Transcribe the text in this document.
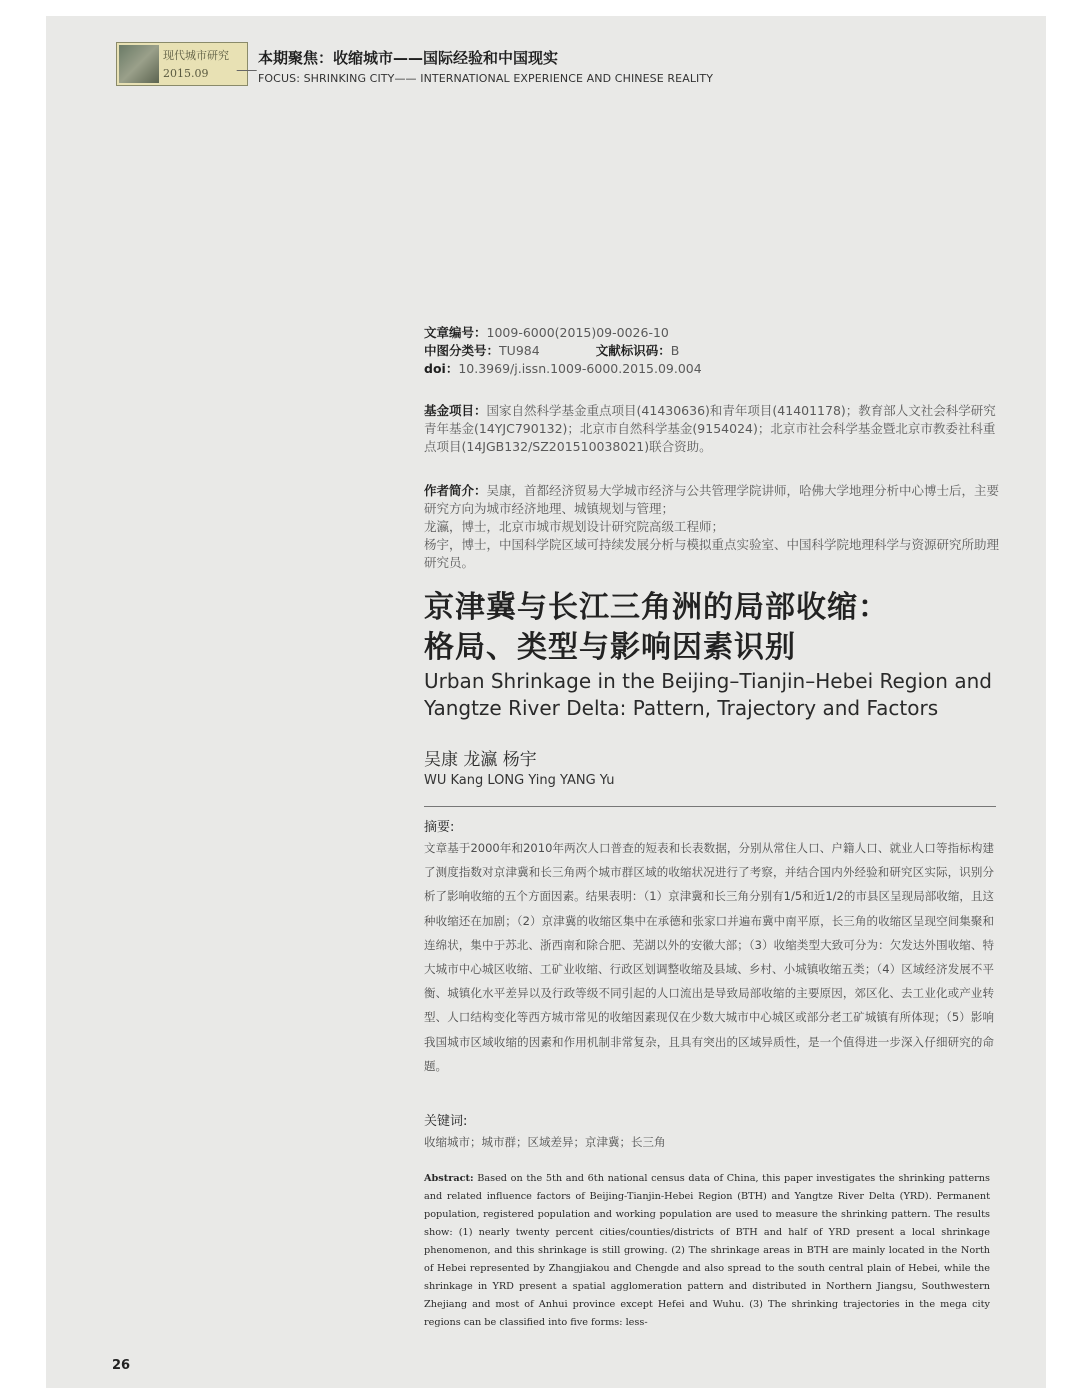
现代城市研究
2015.09
本期聚焦：收缩城市——国际经验和中国现实
FOCUS: SHRINKING CITY—— INTERNATIONAL EXPERIENCE AND CHINESE REALITY

文章编号：1009-6000(2015)09-0026-10

中图分类号：TU984	文献标识码：B

doi：10.3969/j.issn.1009-6000.2015.09.004

基金项目：国家自然科学基金重点项目(41430636)和青年项目(41401178)；教育部人文社会科学研究青年基金(14YJC790132)；北京市自然科学基金(9154024)；北京市社会科学基金暨北京市教委社科重点项目(14JGB132/SZ201510038021)联合资助。

作者简介：吴康，首都经济贸易大学城市经济与公共管理学院讲师，哈佛大学地理分析中心博士后，主要研究方向为城市经济地理、城镇规划与管理；

龙瀛，博士，北京市城市规划设计研究院高级工程师；

杨宇，博士，中国科学院区域可持续发展分析与模拟重点实验室、中国科学院地理科学与资源研究所助理研究员。

京津冀与长江三角洲的局部收缩：
格局、类型与影响因素识别
Urban Shrinkage in the Beijing–Tianjin–Hebei Region and
Yangtze River Delta: Pattern, Trajectory and Factors
吴康 龙瀛 杨宇
WU Kang LONG Ying YANG Yu
摘要:

文章基于2000年和2010年两次人口普查的短表和长表数据，分别从常住人口、户籍人口、就业人口等指标构建了测度指数对京津冀和长三角两个城市群区域的收缩状况进行了考察，并结合国内外经验和研究区实际，识别分析了影响收缩的五个方面因素。结果表明：（1）京津冀和长三角分别有1/5和近1/2的市县区呈现局部收缩，且这种收缩还在加剧；（2）京津冀的收缩区集中在承德和张家口并遍布冀中南平原，长三角的收缩区呈现空间集聚和连绵状，集中于苏北、浙西南和除合肥、芜湖以外的安徽大部；（3）收缩类型大致可分为：欠发达外围收缩、特大城市中心城区收缩、工矿业收缩、行政区划调整收缩及县域、乡村、小城镇收缩五类；（4）区域经济发展不平衡、城镇化水平差异以及行政等级不同引起的人口流出是导致局部收缩的主要原因，郊区化、去工业化或产业转型、人口结构变化等西方城市常见的收缩因素现仅在少数大城市中心城区或部分老工矿城镇有所体现；（5）影响我国城市区域收缩的因素和作用机制非常复杂，且具有突出的区域异质性，是一个值得进一步深入仔细研究的命题。

关键词:
收缩城市；城市群；区域差异；京津冀；长三角

Abstract: Based on the 5th and 6th national census data of China, this paper investigates the shrinking patterns and related influence factors of Beijing-Tianjin-Hebei Region (BTH) and Yangtze River Delta (YRD). Permanent population, registered population and working population are used to measure the shrinking pattern. The results show: (1) nearly twenty percent cities/counties/districts of BTH and half of YRD present a local shrinkage phenomenon, and this shrinkage is still growing. (2) The shrinkage areas in BTH are mainly located in the North of Hebei represented by Zhangjiakou and Chengde and also spread to the south central plain of Hebei, while the shrinkage in YRD present a spatial agglomeration pattern and distributed in Northern Jiangsu, Southwestern Zhejiang and most of Anhui province except Hefei and Wuhu. (3) The shrinking trajectories in the mega city regions can be classified into five forms: less-

26
